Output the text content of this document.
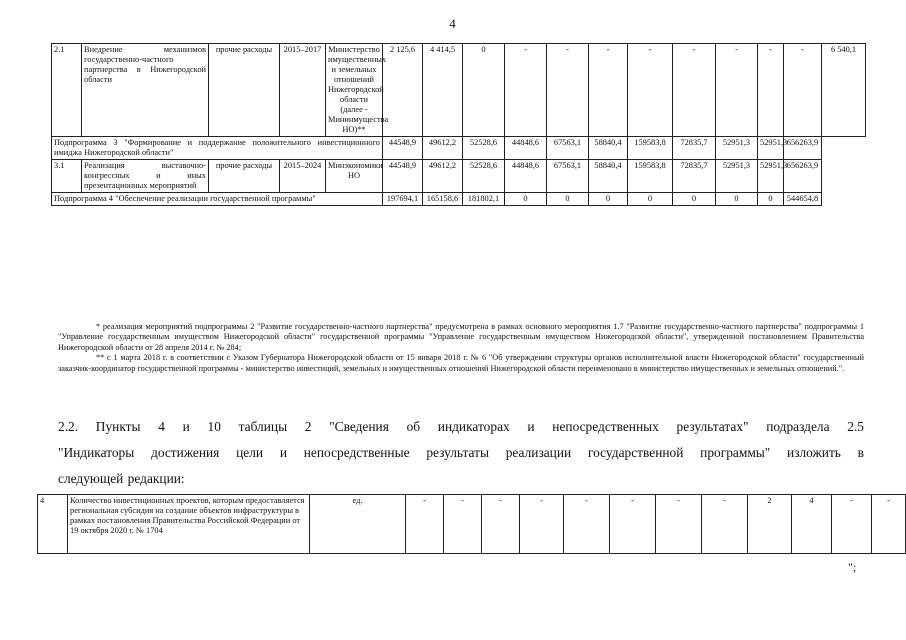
4
2.1	Внедрение механизмов государственно-частного партнерства в Нижегородской области	прочие расходы	2015–2017	Министерство имущественных и земельных отношений Нижегородской области (далее - Мининмущества НО)**	2 125,6	4 414,5	0	-	-	-	-	-	-	-	-	6 540,1
Подпрограмма 3 "Формирование и поддержание положительного инвестиционного имиджа Нижегородской области"					44548,9	49612,2	52528,6	44848,6	67563,1	58840,4	159583,8	72835,7	52951,3	52951,3	656263,9	
3.1	Реализация выставочно-конгрессных и иных презентационных мероприятий	прочие расходы	2015–2024	Минэкономики НО	44548,9	49612,2	52528,6	44848,6	67563,1	58840,4	159583,8	72835,7	52951,3	52951,3	656263,9	
Подпрограмма 4 "Обеспечение реализации государственной программы"					197694,1	165158,6	181802,1	0	0	0	0	0	0	0	544654,8	

* реализация мероприятий подпрограммы 2 "Развитие государственно-частного партнерства" предусмотрена в рамках основного мероприятия 1.7 "Развитие государственно-частного партнерства" подпрограммы 1 "Управление государственным имуществом Нижегородской области" государственной программы "Управление государственным имуществом Нижегородской области", утвержденной постановлением Правительства Нижегородской области от 28 апреля 2014 г. № 284;

** с 1 марта 2018 г. в соответствии с Указом Губернатора Нижегородской области от 15 января 2018 г. № 6 "Об утверждении структуры органов исполнительной власти Нижегородской области" государственный заказчик-координатор государственной программы - министерство инвестиций, земельных и имущественных отношений Нижегородской области переименовано в министерство имущественных и земельных отношений.".

2.2. Пункты 4 и 10 таблицы 2 "Сведения об индикаторах и непосредственных результатах" подраздела 2.5
"Индикаторы достижения цели и непосредственные результаты реализации государственной программы" изложить в
следующей редакции:
4	Количество инвестиционных проектов, которым предоставляется региональная субсидия на создание объектов инфраструктуры в рамках постановления Правительства Российской Федерации от 19 октября 2020 г. № 1704	ед.	-	-	-	-	-	-	-	-	2	4	-	-
";
